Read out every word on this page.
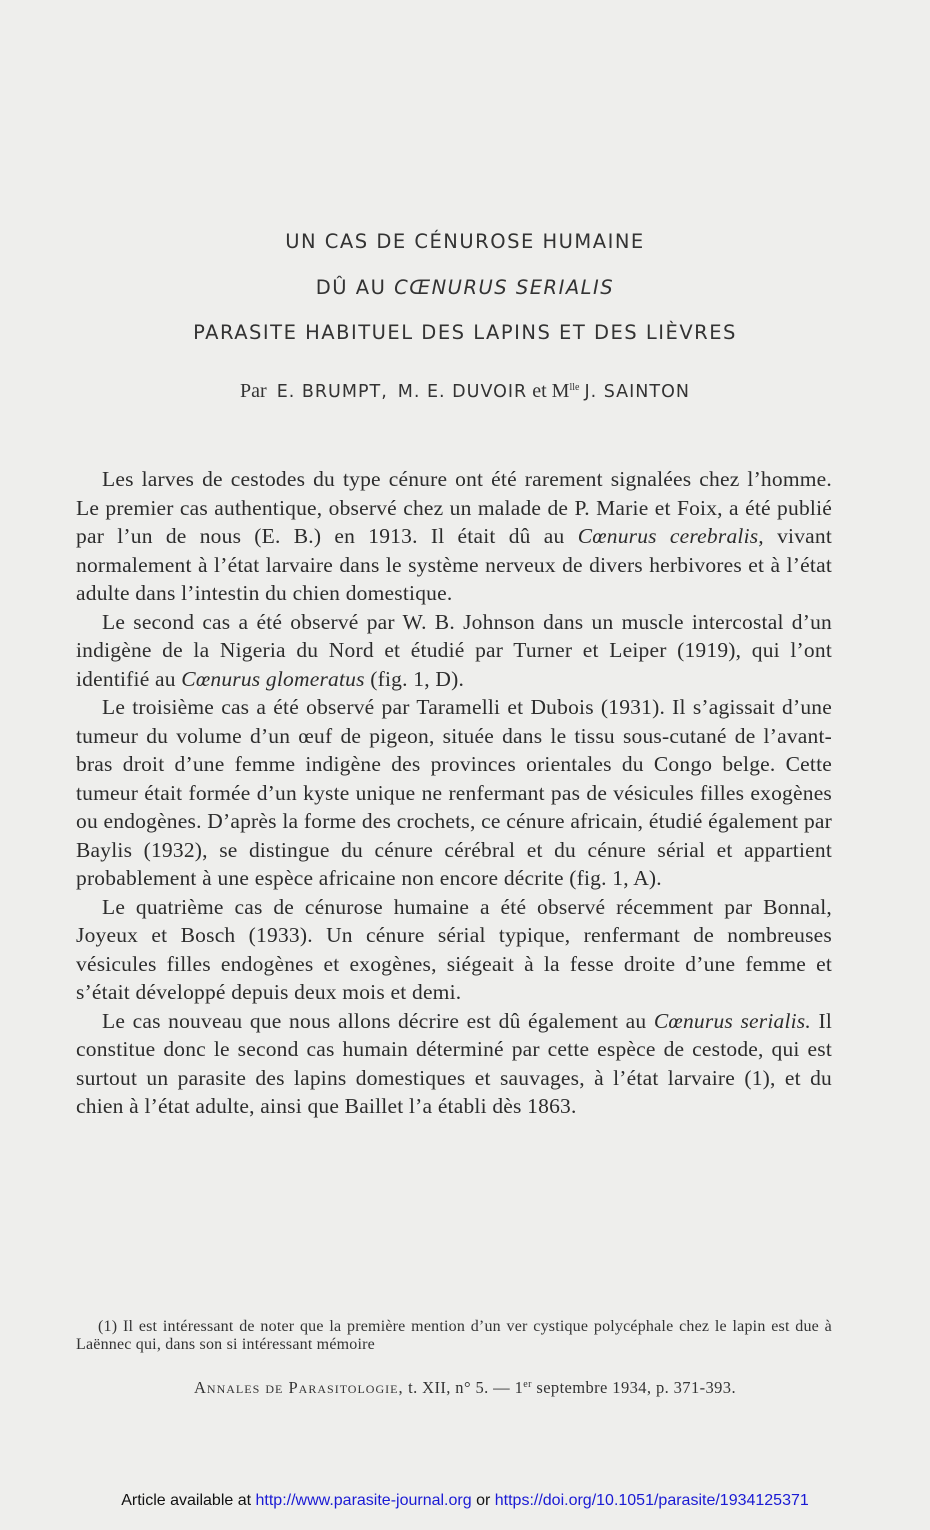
UN CAS DE CÉNUROSE HUMAINE
DÛ AU CŒNURUS SERIALIS
PARASITE HABITUEL DES LAPINS ET DES LIÈVRES
Par E. BRUMPT, M. E. DUVOIR et $M^{lle}$ J. SAINTON

Les larves de cestodes du type cénure ont été rarement signalées chez l’homme. Le premier cas authentique, observé chez un malade de P. Marie et Foix, a été publié par l’un de nous (E. B.) en 1913. Il était dû au Cœnurus cerebralis, vivant normalement à l’état larvaire dans le système nerveux de divers herbivores et à l’état adulte dans l’intestin du chien domestique.

Le second cas a été observé par W. B. Johnson dans un muscle intercostal d’un indigène de la Nigeria du Nord et étudié par Turner et Leiper (1919), qui l’ont identifié au Cœnurus glomeratus (fig. 1, D).

Le troisième cas a été observé par Taramelli et Dubois (1931). Il s’agissait d’une tumeur du volume d’un œuf de pigeon, située dans le tissu sous-cutané de l’avant-bras droit d’une femme indigène des provinces orientales du Congo belge. Cette tumeur était formée d’un kyste unique ne renfermant pas de vésicules filles exogènes ou endogènes. D’après la forme des crochets, ce cénure africain, étudié également par Baylis (1932), se distingue du cénure cérébral et du cénure sérial et appartient probablement à une espèce africaine non encore décrite (fig. 1, A).

Le quatrième cas de cénurose humaine a été observé récemment par Bonnal, Joyeux et Bosch (1933). Un cénure sérial typique, renfermant de nombreuses vésicules filles endogènes et exogènes, siégeait à la fesse droite d’une femme et s’était développé depuis deux mois et demi.

Le cas nouveau que nous allons décrire est dû également au Cœnurus serialis. Il constitue donc le second cas humain déterminé par cette espèce de cestode, qui est surtout un parasite des lapins domestiques et sauvages, à l’état larvaire (1), et du chien à l’état adulte, ainsi que Baillet l’a établi dès 1863.

(1) Il est intéressant de noter que la première mention d’un ver cystique polycéphale chez le lapin est due à Laënnec qui, dans son si intéressant mémoire
Annales de Parasitologie, t. XII, n° 5. — 1er septembre 1934, p. 371-393.
Article available at http://www.parasite-journal.org or https://doi.org/10.1051/parasite/1934125371
